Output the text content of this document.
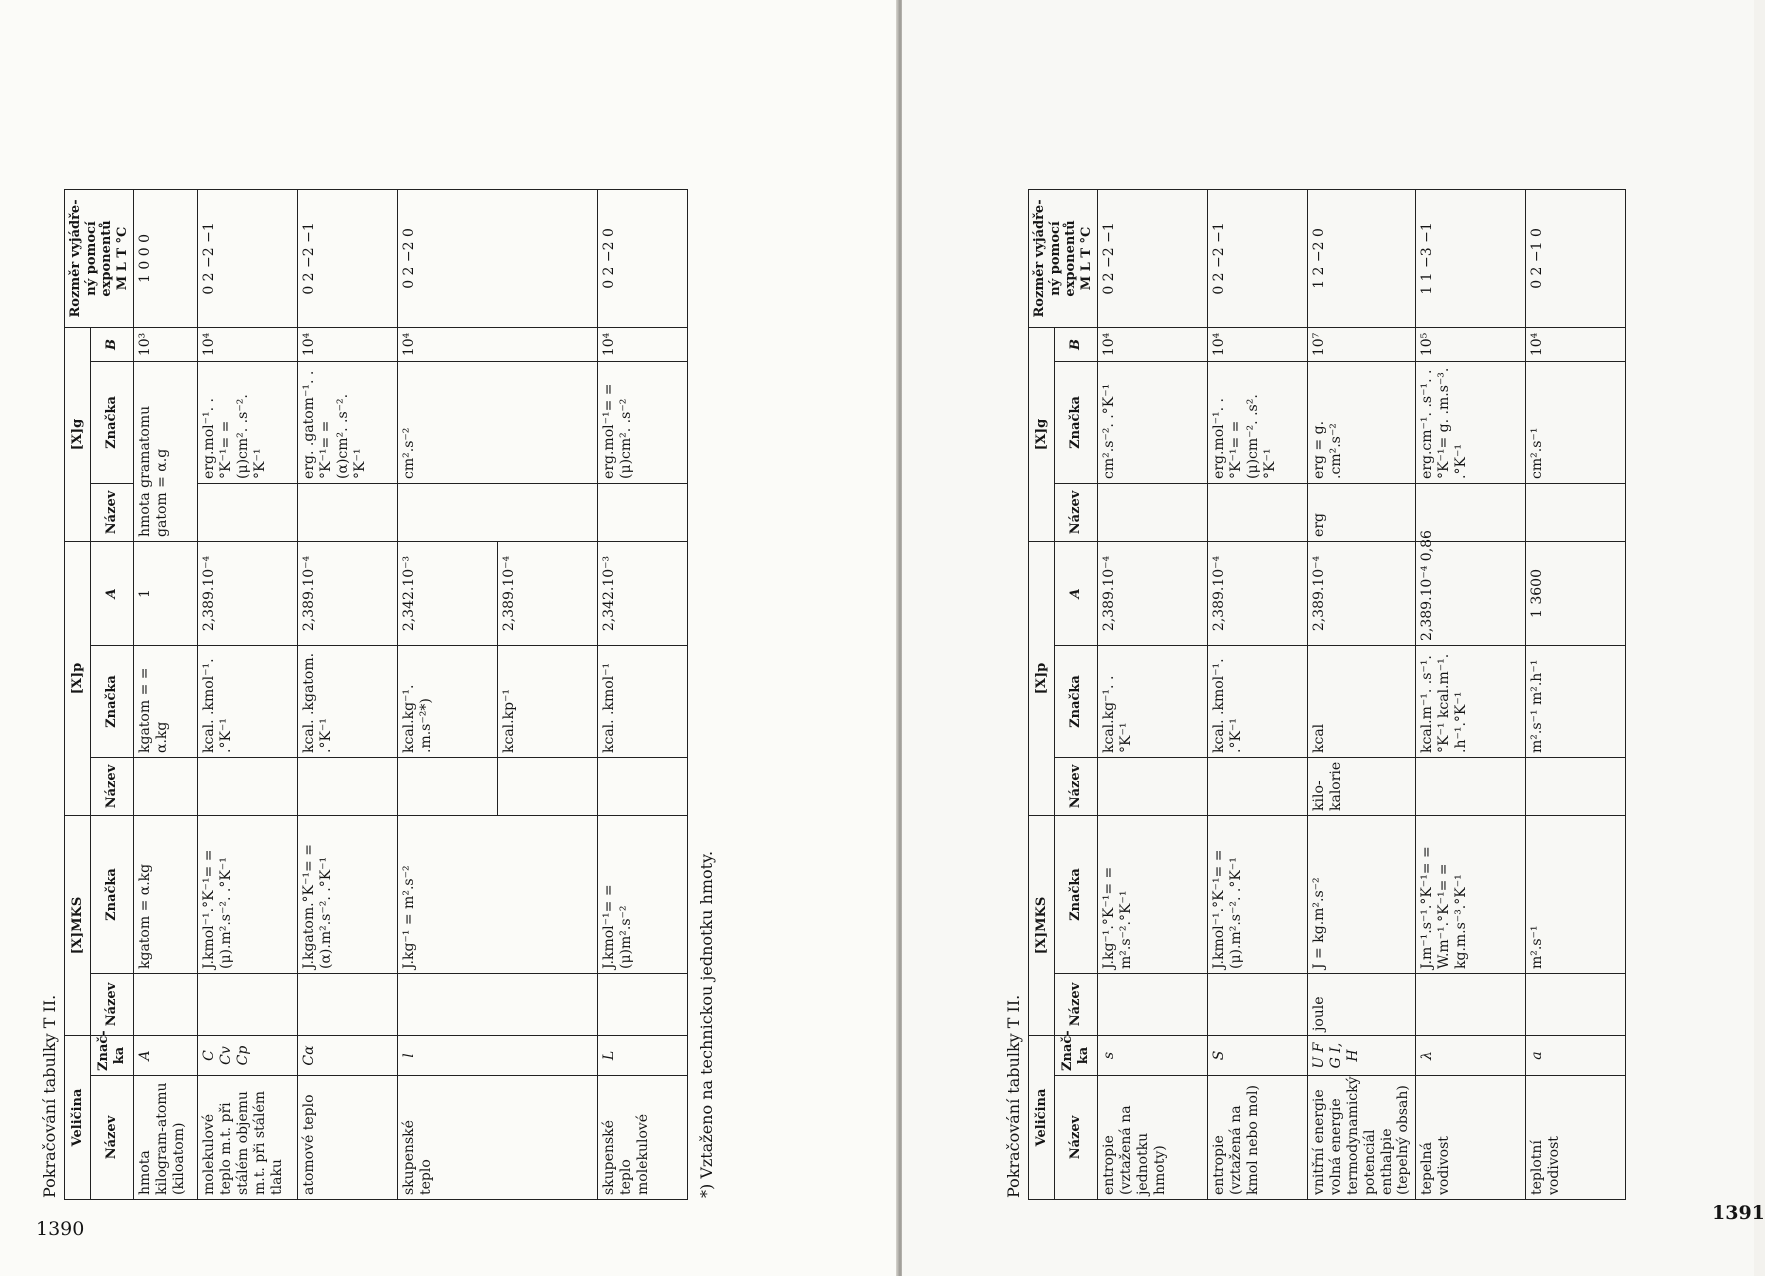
1390
1391
Pokračování tabulky T II. Veličina		[X]MKS		[X]p			[X]g			Rozměr vyjádře-ný pomocí exponentů
M L T °C
Název	Znač-ka	Název	Značka	Název	Značka	A	Název	Značka	B	
hmota kilogram-atomu (kiloatom)	A		kgatom = α.kg		kgatom = = α.kg	1	hmota gramatomu gatom = α.g		10³	1 0 0 0
molekulové teplo m.t. při stálém objemu m.t. při stálém tlaku	C Cv Cp		J.kmol⁻¹.°K⁻¹= = (μ).m².s⁻². .°K⁻¹		kcal. .kmol⁻¹. .°K⁻¹	2,389.10⁻⁴		erg.mol⁻¹. .°K⁻¹= = (μ)cm². .s⁻².°K⁻¹	10⁴	0 2 −2 −1
atomové teplo	Cα		J.kgatom.°K⁻¹= = (α).m².s⁻². .°K⁻¹		kcal. .kgatom. .°K⁻¹	2,389.10⁻⁴		erg. .gatom⁻¹. .°K⁻¹= = (α)cm². .s⁻².°K⁻¹	10⁴	0 2 −2 −1
skupenské teplo	l		J.kg⁻¹ = m².s⁻²		kcal.kg⁻¹. .m.s⁻²*)	2,342.10⁻³		cm².s⁻²	10⁴	0 2 −2 0
					kcal.kp⁻¹	2,389.10⁻⁴				
skupenské teplo molekulové	L		J.kmol⁻¹= = (μ)m².s⁻²		kcal. .kmol⁻¹	2,342.10⁻³		erg.mol⁻¹= = (μ)cm². .s⁻²	10⁴	0 2 −2 0
*) Vztaženo na technickou jednotku hmoty.	Pokračování tabulky T II. Veličina		[X]MKS		[X]p			[X]g			Rozměr vyjádře-ný pomocí exponentů
M L T °C
Název	Znač-ka	Název	Značka	Název	Značka	A	Název	Značka	B	
entropie (vztažená na jednotku hmoty)	s		J.kg⁻¹.°K⁻¹= = m².s⁻².°K⁻¹		kcal.kg⁻¹. .°K⁻¹	2,389.10⁻⁴		cm².s⁻². .°K⁻¹	10⁴	0 2 −2 −1
entropie (vztažená na kmol nebo mol)	S		J.kmol⁻¹.°K⁻¹= = (μ).m².s⁻². .°K⁻¹		kcal. .kmol⁻¹. .°K⁻¹	2,389.10⁻⁴		erg.mol⁻¹. .°K⁻¹= = (μ)cm⁻². .s².°K⁻¹	10⁴	0 2 −2 −1
vnitřní energie volná energie termodynamický potenciál enthalpie (tepelný obsah)	U F G I, H	joule	J = kg.m².s⁻²	kilo-kalorie	kcal	2,389.10⁻⁴	erg	erg = g. .cm².s⁻²	10⁷	1 2 −2 0
tepelná vodivost	λ		J.m⁻¹.s⁻¹.°K⁻¹= = W.m⁻¹.°K⁻¹= = kg.m.s⁻³.°K⁻¹		kcal.m⁻¹. .s⁻¹.°K⁻¹ kcal.m⁻¹. .h⁻¹.°K⁻¹	2,389.10⁻⁴ 0,86		erg.cm⁻¹. .s⁻¹. .°K⁻¹= g. .m.s⁻³. .°K⁻¹	10⁵	1 1 −3 −1
teplotní vodivost	a		m².s⁻¹		m².s⁻¹ m².h⁻¹	1 3600		cm².s⁻¹	10⁴	0 2 −1 0
